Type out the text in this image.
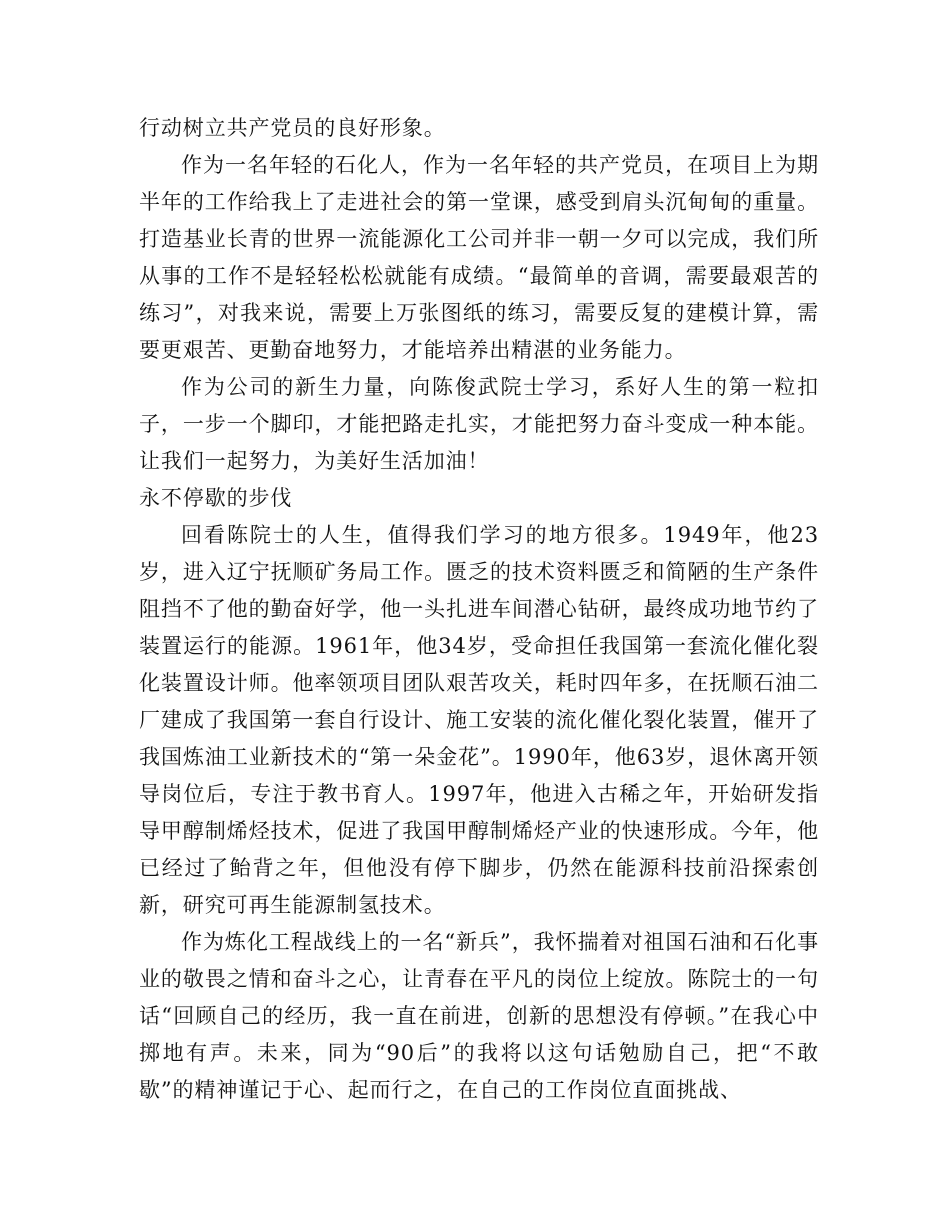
行动树立共产党员的良好形象。

作为一名年轻的石化人，作为一名年轻的共产党员，在项目上为期半年的工作给我上了走进社会的第一堂课，感受到肩头沉甸甸的重量。打造基业长青的世界一流能源化工公司并非一朝一夕可以完成，我们所从事的工作不是轻轻松松就能有成绩。“最简单的音调，需要最艰苦的练习”，对我来说，需要上万张图纸的练习，需要反复的建模计算，需要更艰苦、更勤奋地努力，才能培养出精湛的业务能力。

作为公司的新生力量，向陈俊武院士学习，系好人生的第一粒扣子，一步一个脚印，才能把路走扎实，才能把努力奋斗变成一种本能。让我们一起努力，为美好生活加油！

永不停歇的步伐

回看陈院士的人生，值得我们学习的地方很多。1949年，他23岁，进入辽宁抚顺矿务局工作。匮乏的技术资料匮乏和简陋的生产条件阻挡不了他的勤奋好学，他一头扎进车间潜心钻研，最终成功地节约了装置运行的能源。1961年，他34岁，受命担任我国第一套流化催化裂化装置设计师。他率领项目团队艰苦攻关，耗时四年多，在抚顺石油二厂建成了我国第一套自行设计、施工安装的流化催化裂化装置，催开了我国炼油工业新技术的“第一朵金花”。1990年，他63岁，退休离开领导岗位后，专注于教书育人。1997年，他进入古稀之年，开始研发指导甲醇制烯烃技术，促进了我国甲醇制烯烃产业的快速形成。今年，他已经过了鲐背之年，但他没有停下脚步，仍然在能源科技前沿探索创新，研究可再生能源制氢技术。

作为炼化工程战线上的一名“新兵”，我怀揣着对祖国石油和石化事业的敬畏之情和奋斗之心，让青春在平凡的岗位上绽放。陈院士的一句话“回顾自己的经历，我一直在前进，创新的思想没有停顿。”在我心中掷地有声。未来，同为“90后”的我将以这句话勉励自己，把“不敢歇”的精神谨记于心、起而行之，在自己的工作岗位直面挑战、
